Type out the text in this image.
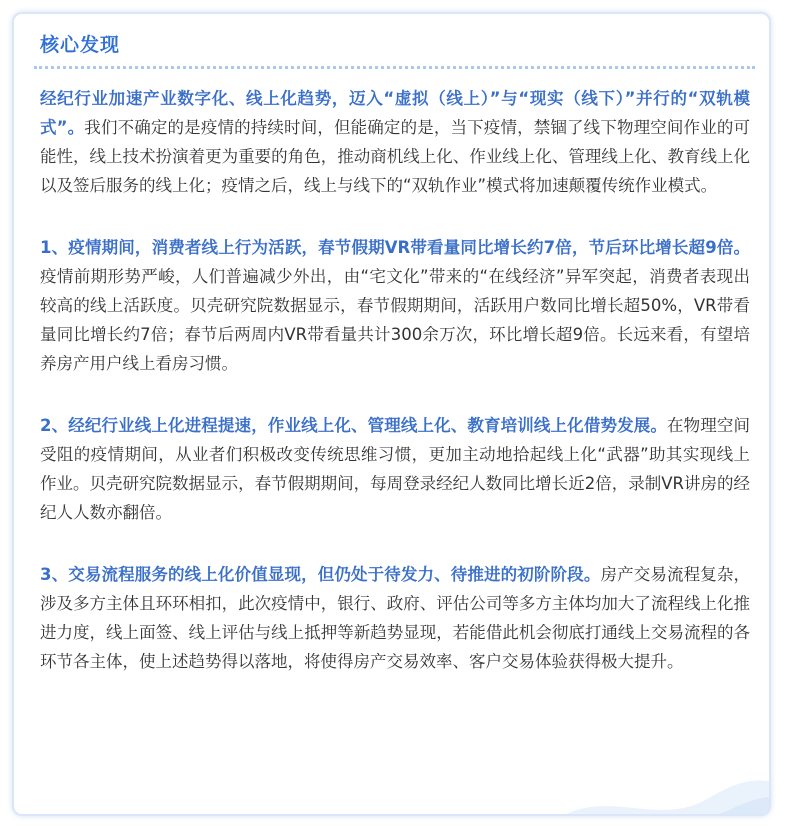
核心发现

经纪行业加速产业数字化、线上化趋势，迈入“虚拟（线上）”与“现实（线下）”并行的“双轨模式”。我们不确定的是疫情的持续时间，但能确定的是，当下疫情，禁锢了线下物理空间作业的可能性，线上技术扮演着更为重要的角色，推动商机线上化、作业线上化、管理线上化、教育线上化以及签后服务的线上化；疫情之后，线上与线下的“双轨作业”模式将加速颠覆传统作业模式。

1、疫情期间，消费者线上行为活跃，春节假期VR带看量同比增长约7倍，节后环比增长超9倍。疫情前期形势严峻，人们普遍减少外出，由“宅文化”带来的“在线经济”异军突起，消费者表现出较高的线上活跃度。贝壳研究院数据显示，春节假期期间，活跃用户数同比增长超50%，VR带看量同比增长约7倍；春节后两周内VR带看量共计300余万次，环比增长超9倍。长远来看，有望培养房产用户线上看房习惯。

2、经纪行业线上化进程提速，作业线上化、管理线上化、教育培训线上化借势发展。在物理空间受阻的疫情期间，从业者们积极改变传统思维习惯，更加主动地拾起线上化“武器”助其实现线上作业。贝壳研究院数据显示，春节假期期间，每周登录经纪人数同比增长近2倍，录制VR讲房的经纪人人数亦翻倍。

3、交易流程服务的线上化价值显现，但仍处于待发力、待推进的初阶阶段。房产交易流程复杂，涉及多方主体且环环相扣，此次疫情中，银行、政府、评估公司等多方主体均加大了流程线上化推进力度，线上面签、线上评估与线上抵押等新趋势显现，若能借此机会彻底打通线上交易流程的各环节各主体，使上述趋势得以落地，将使得房产交易效率、客户交易体验获得极大提升。
